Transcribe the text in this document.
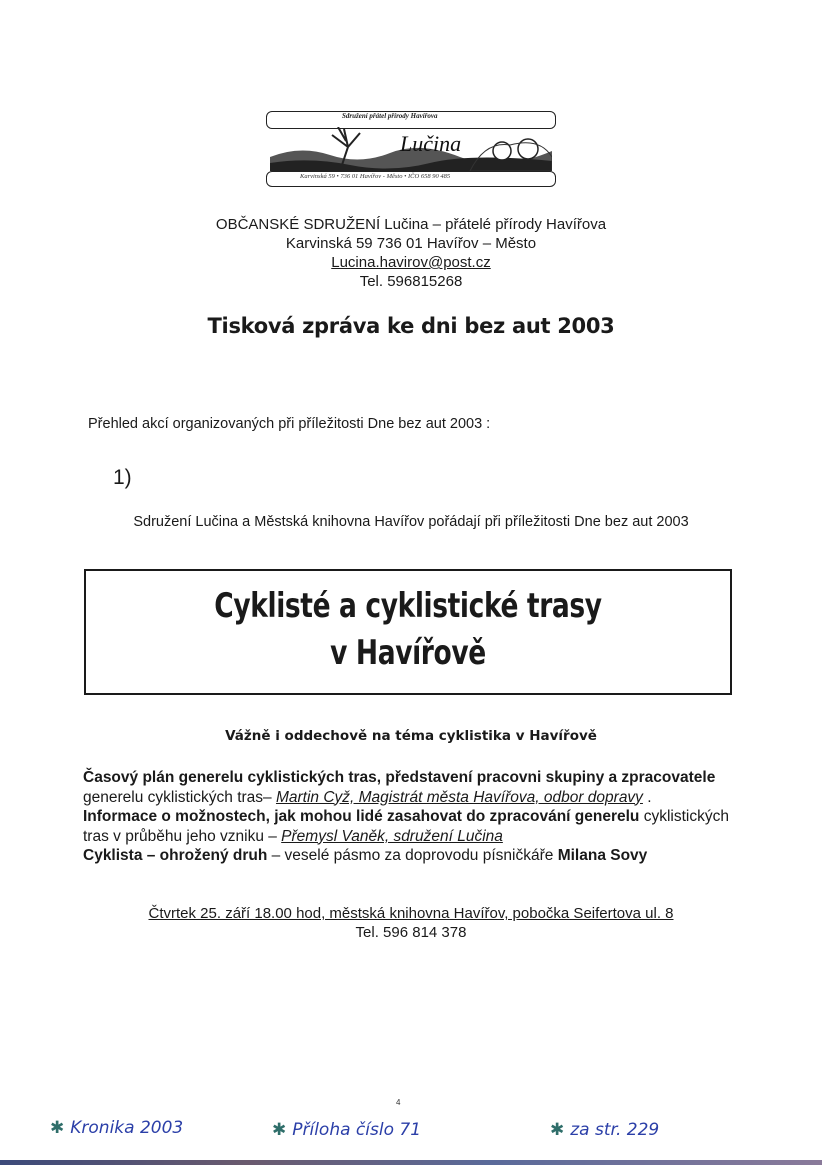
Sdružení přátel přírody Havířova
Lučina
Karvinská 59 • 736 01 Havířov - Město • IČO 658 90 485
OBČANSKÉ SDRUŽENÍ Lučina – přátelé přírody Havířova
Karvinská 59 736 01 Havířov – Město
Lucina.havirov@post.cz
Tel. 596815268
Tisková zpráva ke dni bez aut 2003
Přehled akcí organizovaných při příležitosti Dne bez aut 2003 :
1)
Sdružení Lučina a Městská knihovna Havířov pořádají při příležitosti Dne bez aut 2003
Cyklisté a cyklistické trasy
v Havířově
Vážně i oddechově na téma cyklistika v Havířově
Časový plán generelu cyklistických tras, představení pracovni skupiny a zpracovatele generelu cyklistických tras– Martin Cyž, Magistrát města Havířova, odbor dopravy .
Informace o možnostech, jak mohou lidé zasahovat do zpracování generelu cyklistických tras v průběhu jeho vzniku – Přemysl Vaněk, sdružení Lučina
Cyklista – ohrožený druh – veselé pásmo za doprovodu písničkáře Milana Sovy
Čtvrtek 25. září 18.00 hod, městská knihovna Havířov, pobočka Seifertova ul. 8
Tel. 596 814 378
4
✱ Kronika 2003	✱ Příloha číslo 71	✱ za str. 229
